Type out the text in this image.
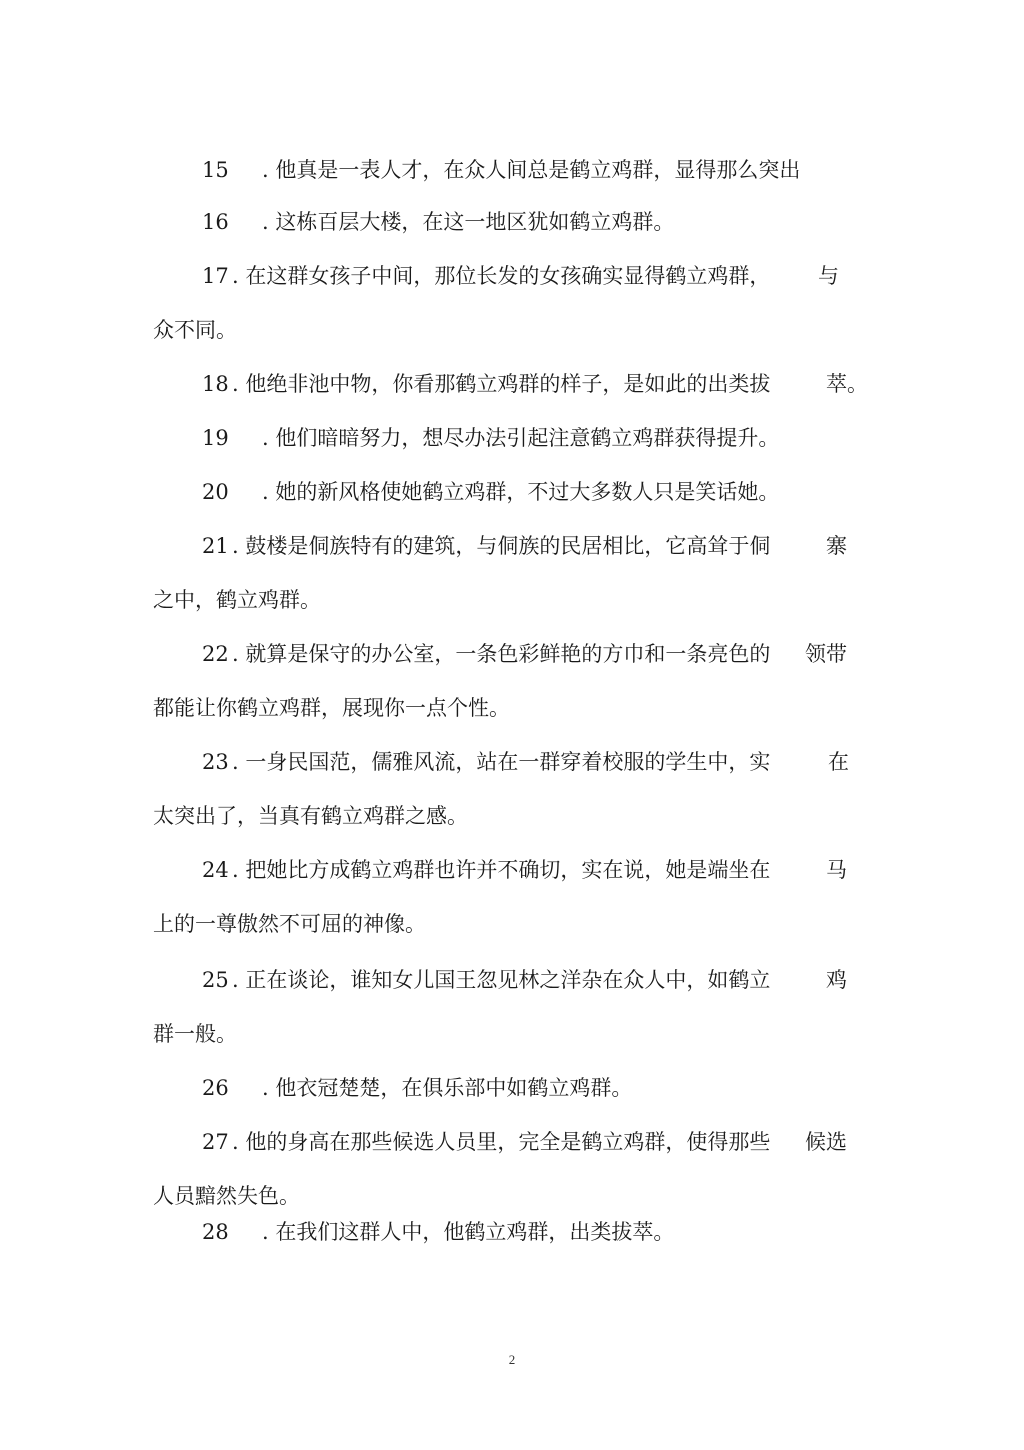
15 . 他真是一表人才，在众人间总是鹤立鸡群，显得那么突出
16 . 这栋百层大楼，在这一地区犹如鹤立鸡群。
17 . 在这群女孩子中间，那位长发的女孩确实显得鹤立鸡群， 与
众不同。
18 . 他绝非池中物，你看那鹤立鸡群的样子，是如此的出类拔	萃。
19 . 他们暗暗努力，想尽办法引起注意鹤立鸡群获得提升。
20 . 她的新风格使她鹤立鸡群，不过大多数人只是笑话她。
21 . 鼓楼是侗族特有的建筑，与侗族的民居相比，它高耸于侗	寨
之中，鹤立鸡群。
22 . 就算是保守的办公室，一条色彩鲜艳的方巾和一条亮色的 领带
都能让你鹤立鸡群，展现你一点个性。
23 . 一身民国范，儒雅风流，站在一群穿着校服的学生中，实	在
太突出了，当真有鹤立鸡群之感。
24 . 把她比方成鹤立鸡群也许并不确切，实在说，她是端坐在	马
上的一尊傲然不可屈的神像。
25 . 正在谈论，谁知女儿国王忽见林之洋杂在众人中，如鹤立	鸡
群一般。
26 . 他衣冠楚楚，在俱乐部中如鹤立鸡群。
27 . 他的身高在那些候选人员里，完全是鹤立鸡群，使得那些 候选
人员黯然失色。
28 . 在我们这群人中，他鹤立鸡群，出类拔萃。
2
